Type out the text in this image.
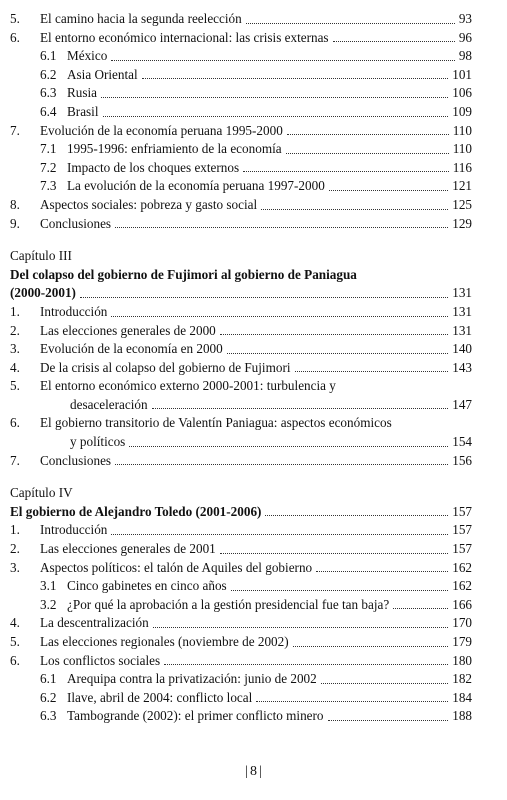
5.	El camino hacia la segunda reelección	93
6.	El entorno económico internacional: las crisis externas	96
6.1 México	98
6.2 Asia Oriental	101
6.3 Rusia	106
6.4 Brasil	109
7.	Evolución de la economía peruana 1995-2000	110
7.1 1995-1996: enfriamiento de la economía	110
7.2 Impacto de los choques externos	116
7.3 La evolución de la economía peruana 1997-2000	121
8.	Aspectos sociales: pobreza y gasto social	125
9.	Conclusiones	129
Capítulo III
Del colapso del gobierno de Fujimori al gobierno de Paniagua
(2000-2001)	131
1.	Introducción	131
2.	Las elecciones generales de 2000	131
3.	Evolución de la economía en 2000	140
4.	De la crisis al colapso del gobierno de Fujimori	143
5.	El entorno económico externo 2000-2001: turbulencia y
desaceleración	147
6.	El gobierno transitorio de Valentín Paniagua: aspectos económicos
y políticos	154
7.	Conclusiones	156
Capítulo IV
El gobierno de Alejandro Toledo (2001-2006)	157
1.	Introducción	157
2.	Las elecciones generales de 2001	157
3.	Aspectos políticos: el talón de Aquiles del gobierno	162
3.1 Cinco gabinetes en cinco años	162
3.2 ¿Por qué la aprobación a la gestión presidencial fue tan baja?	166
4.	La descentralización	170
5.	Las elecciones regionales (noviembre de 2002)	179
6.	Los conflictos sociales	180
6.1 Arequipa contra la privatización: junio de 2002	182
6.2 Ilave, abril de 2004: conflicto local	184
6.3 Tambogrande (2002): el primer conflicto minero	188
| 8 |
